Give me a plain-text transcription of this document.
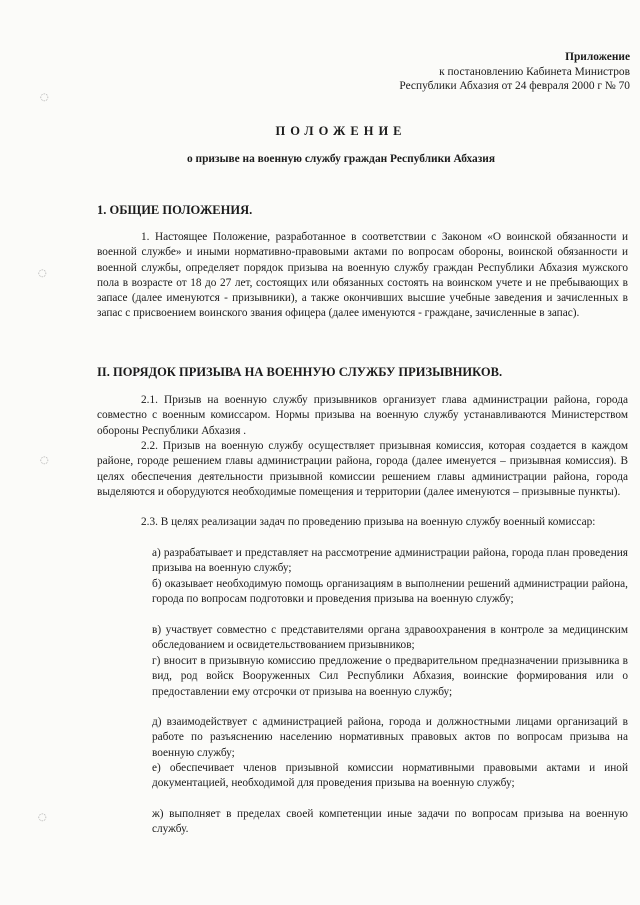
Приложение
к постановлению Кабинета Министров
Республики Абхазия от 24 февраля 2000 г № 70
ПОЛОЖЕНИЕ
о призыве на военную службу граждан Республики Абхазия
1. ОБЩИЕ ПОЛОЖЕНИЯ.

1. Настоящее Положение, разработанное в соответствии с Законом «О воинской обязанности и военной службе» и иными нормативно-правовыми актами по вопросам обороны, воинской обязанности и военной службы, определяет порядок призыва на военную службу граждан Республики Абхазия мужского пола в возрасте от 18 до 27 лет, состоящих или обязанных состоять на воинском учете и не пребывающих в запасе (далее именуются - призывники), а также окончивших высшие учебные заведения и зачисленных в запас с присвоением воинского звания офицера (далее именуются - граждане, зачисленные в запас).

II. ПОРЯДОК ПРИЗЫВА НА ВОЕННУЮ СЛУЖБУ ПРИЗЫВНИКОВ.

2.1. Призыв на военную службу призывников организует глава администрации района, города совместно с военным комиссаром. Нормы призыва на военную службу устанавливаются Министерством обороны Республики Абхазия .

2.2. Призыв на военную службу осуществляет призывная комиссия, которая создается в каждом районе, городе решением главы администрации района, города (далее именуется – призывная комиссия). В целях обеспечения деятельности призывной комиссии решением главы администрации района, города выделяются и оборудуются необходимые помещения и территории (далее именуются – призывные пункты).

2.3. В целях реализации задач по проведению призыва на военную службу военный комиссар:

а) разрабатывает и представляет на рассмотрение администрации района, города план проведения призыва на военную службу;

б) оказывает необходимую помощь организациям в выполнении решений администрации района, города по вопросам подготовки и проведения призыва на военную службу;

в) участвует совместно с представителями органа здравоохранения в контроле за медицинским обследованием и освидетельствованием призывников;

г) вносит в призывную комиссию предложение о предварительном предназначении призывника в вид, род войск Вооруженных Сил Республики Абхазия, воинские формирования или о предоставлении ему отсрочки от призыва на военную службу;

д) взаимодействует с администрацией района, города и должностными лицами организаций в работе по разъяснению населению нормативных правовых актов по вопросам призыва на военную службу;

е) обеспечивает членов призывной комиссии нормативными правовыми актами и иной документацией, необходимой для проведения призыва на военную службу;

ж) выполняет в пределах своей компетенции иные задачи по вопросам призыва на военную службу.

◌
◌
◌
◌
